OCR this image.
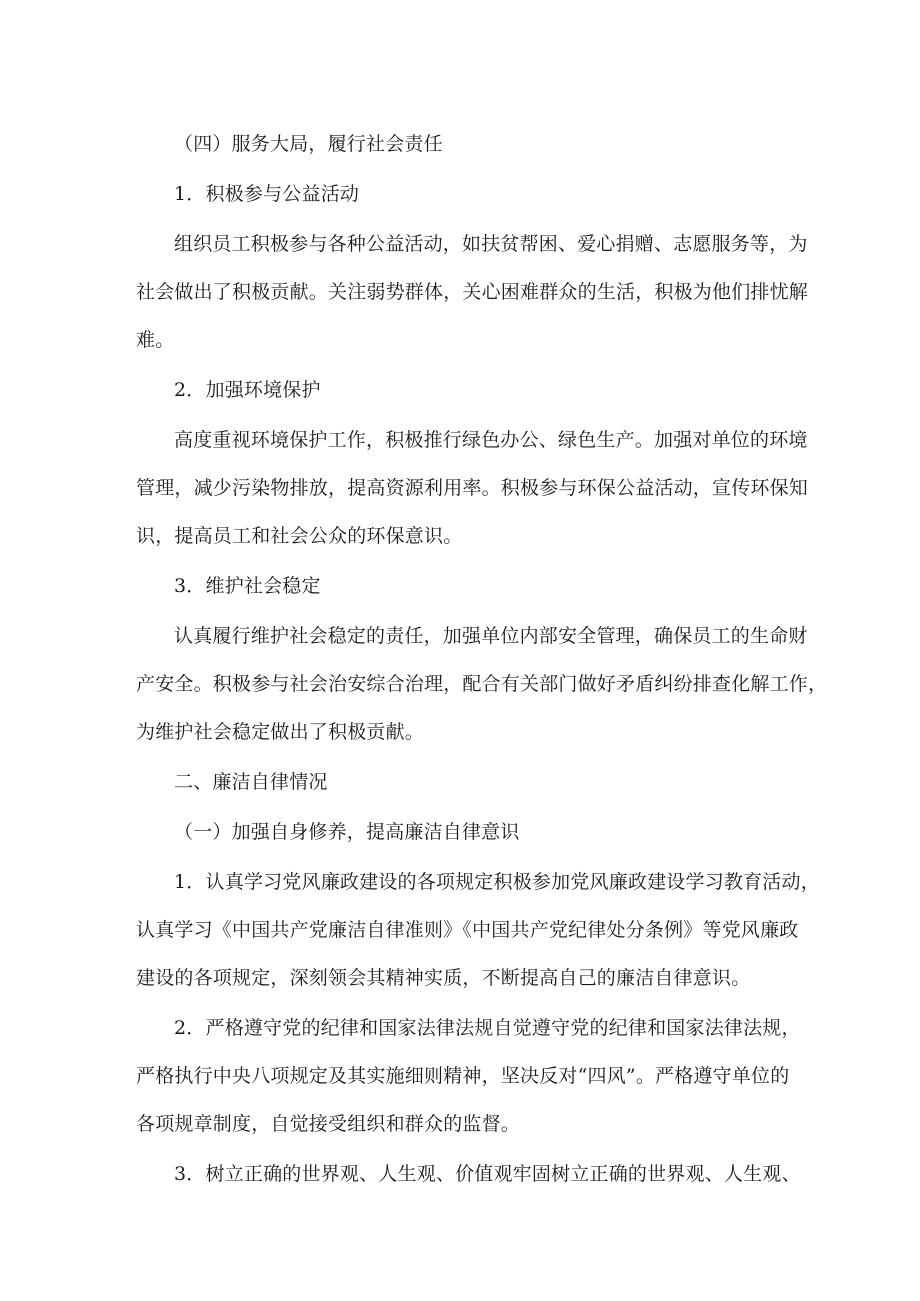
（四）服务大局，履行社会责任
1．积极参与公益活动
组织员工积极参与各种公益活动，如扶贫帮困、爱心捐赠、志愿服务等，为
社会做出了积极贡献。关注弱势群体，关心困难群众的生活，积极为他们排忧解
难。
2．加强环境保护
高度重视环境保护工作，积极推行绿色办公、绿色生产。加强对单位的环境
管理，减少污染物排放，提高资源利用率。积极参与环保公益活动，宣传环保知
识，提高员工和社会公众的环保意识。
3．维护社会稳定
认真履行维护社会稳定的责任，加强单位内部安全管理，确保员工的生命财
产安全。积极参与社会治安综合治理，配合有关部门做好矛盾纠纷排查化解工作，
为维护社会稳定做出了积极贡献。
二、廉洁自律情况
（一）加强自身修养，提高廉洁自律意识
1．认真学习党风廉政建设的各项规定积极参加党风廉政建设学习教育活动，
认真学习《中国共产党廉洁自律准则》《中国共产党纪律处分条例》等党风廉政
建设的各项规定，深刻领会其精神实质，不断提高自己的廉洁自律意识。
2．严格遵守党的纪律和国家法律法规自觉遵守党的纪律和国家法律法规，
严格执行中央八项规定及其实施细则精神，坚决反对“四风”。严格遵守单位的
各项规章制度，自觉接受组织和群众的监督。
3．树立正确的世界观、人生观、价值观牢固树立正确的世界观、人生观、
